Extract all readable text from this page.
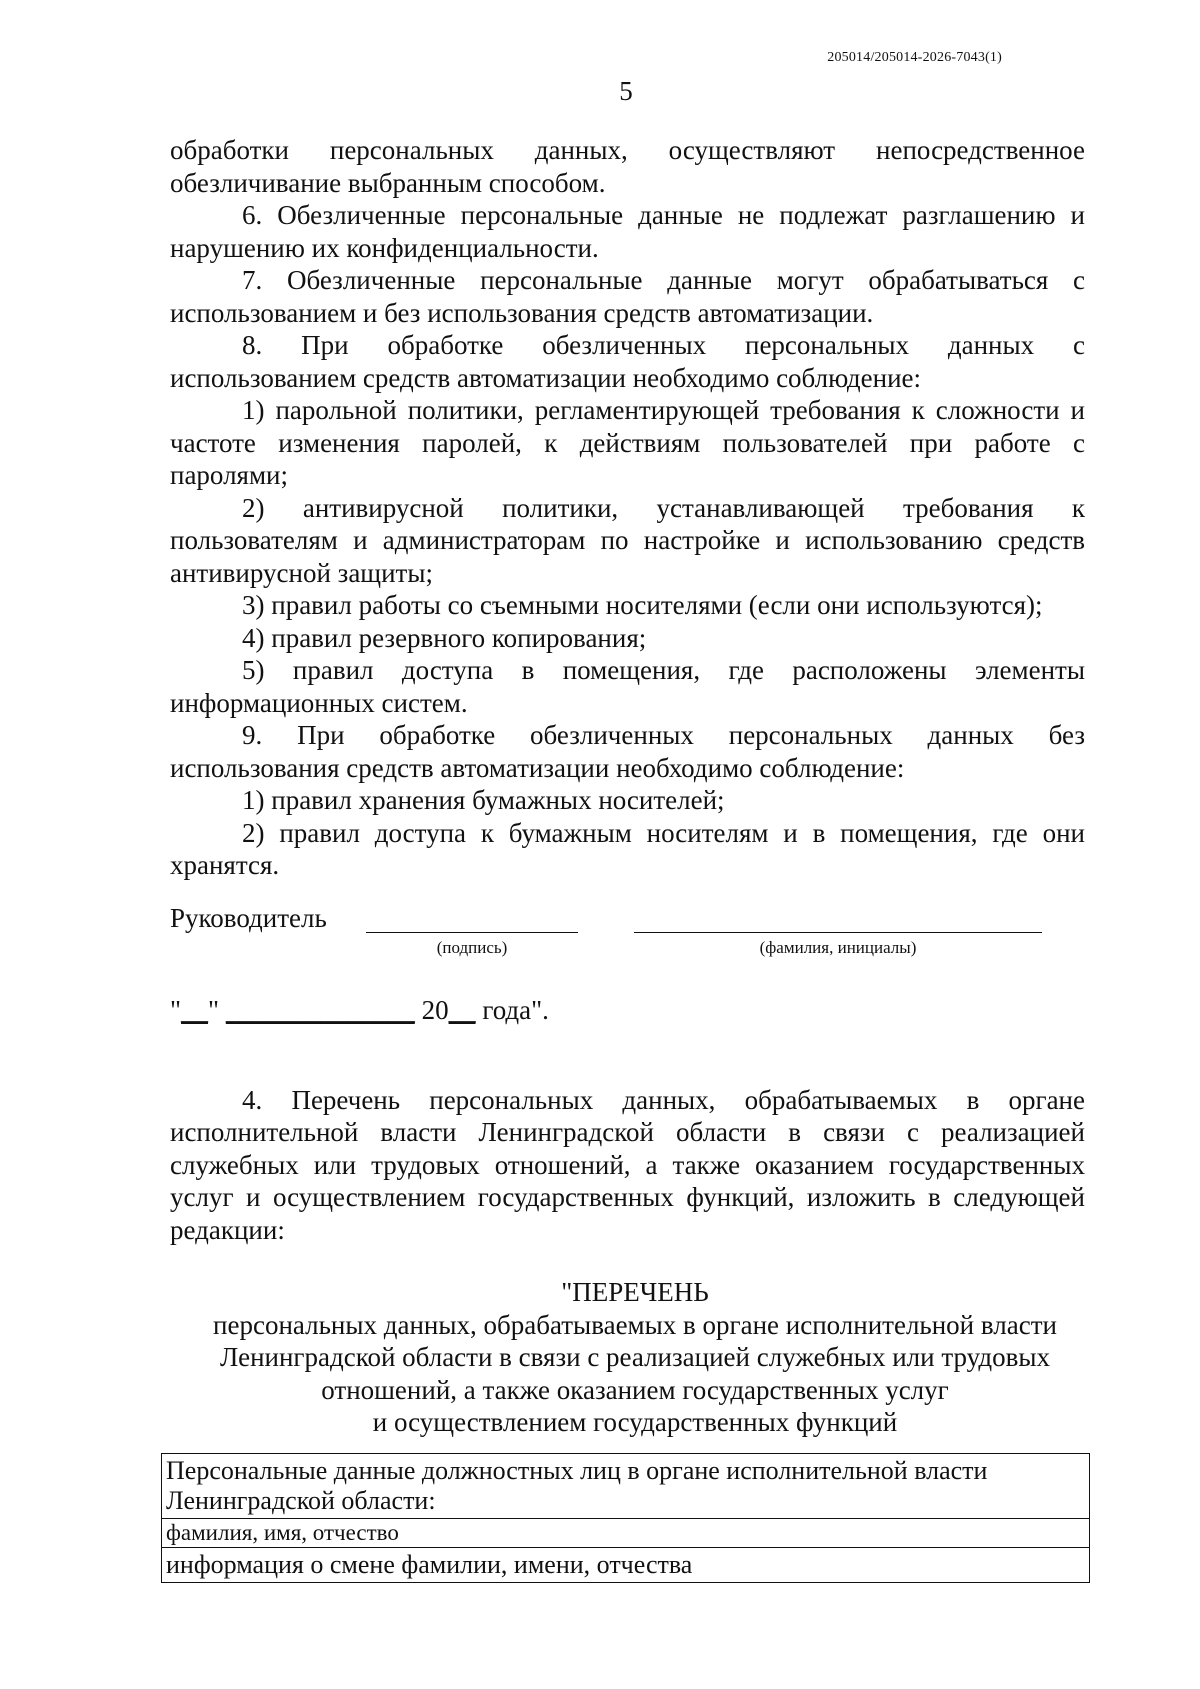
205014/205014-2026-7043(1)
5

обработки персональных данных, осуществляют непосредственное обезличивание выбранным способом.

6. Обезличенные персональные данные не подлежат разглашению и нарушению их конфиденциальности.

7. Обезличенные персональные данные могут обрабатываться с использованием и без использования средств автоматизации.

8. При обработке обезличенных персональных данных с использованием средств автоматизации необходимо соблюдение:

1) парольной политики, регламентирующей требования к сложности и частоте изменения паролей, к действиям пользователей при работе с паролями;

2) антивирусной политики, устанавливающей требования к пользователям и администраторам по настройке и использованию средств антивирусной защиты;

3) правил работы со съемными носителями (если они используются);

4) правил резервного копирования;

5) правил доступа в помещения, где расположены элементы информационных систем.

9. При обработке обезличенных персональных данных без использования средств автоматизации необходимо соблюдение:

1) правил хранения бумажных носителей;

2) правил доступа к бумажным носителям и в помещения, где они хранятся.

Руководитель
(подпись)	(фамилия, инициалы)
"__" ______________ 20__ года".

4. Перечень персональных данных, обрабатываемых в органе исполнительной власти Ленинградской области в связи с реализацией служебных или трудовых отношений, а также оказанием государственных услуг и осуществлением государственных функций, изложить в следующей редакции:

"ПЕРЕЧЕНЬ

персональных данных, обрабатываемых в органе исполнительной власти

Ленинградской области в связи с реализацией служебных или трудовых

отношений, а также оказанием государственных услуг

и осуществлением государственных функций

Персональные данные должностных лиц в органе исполнительной власти Ленинградской области:
фамилия, имя, отчество
информация о смене фамилии, имени, отчества
